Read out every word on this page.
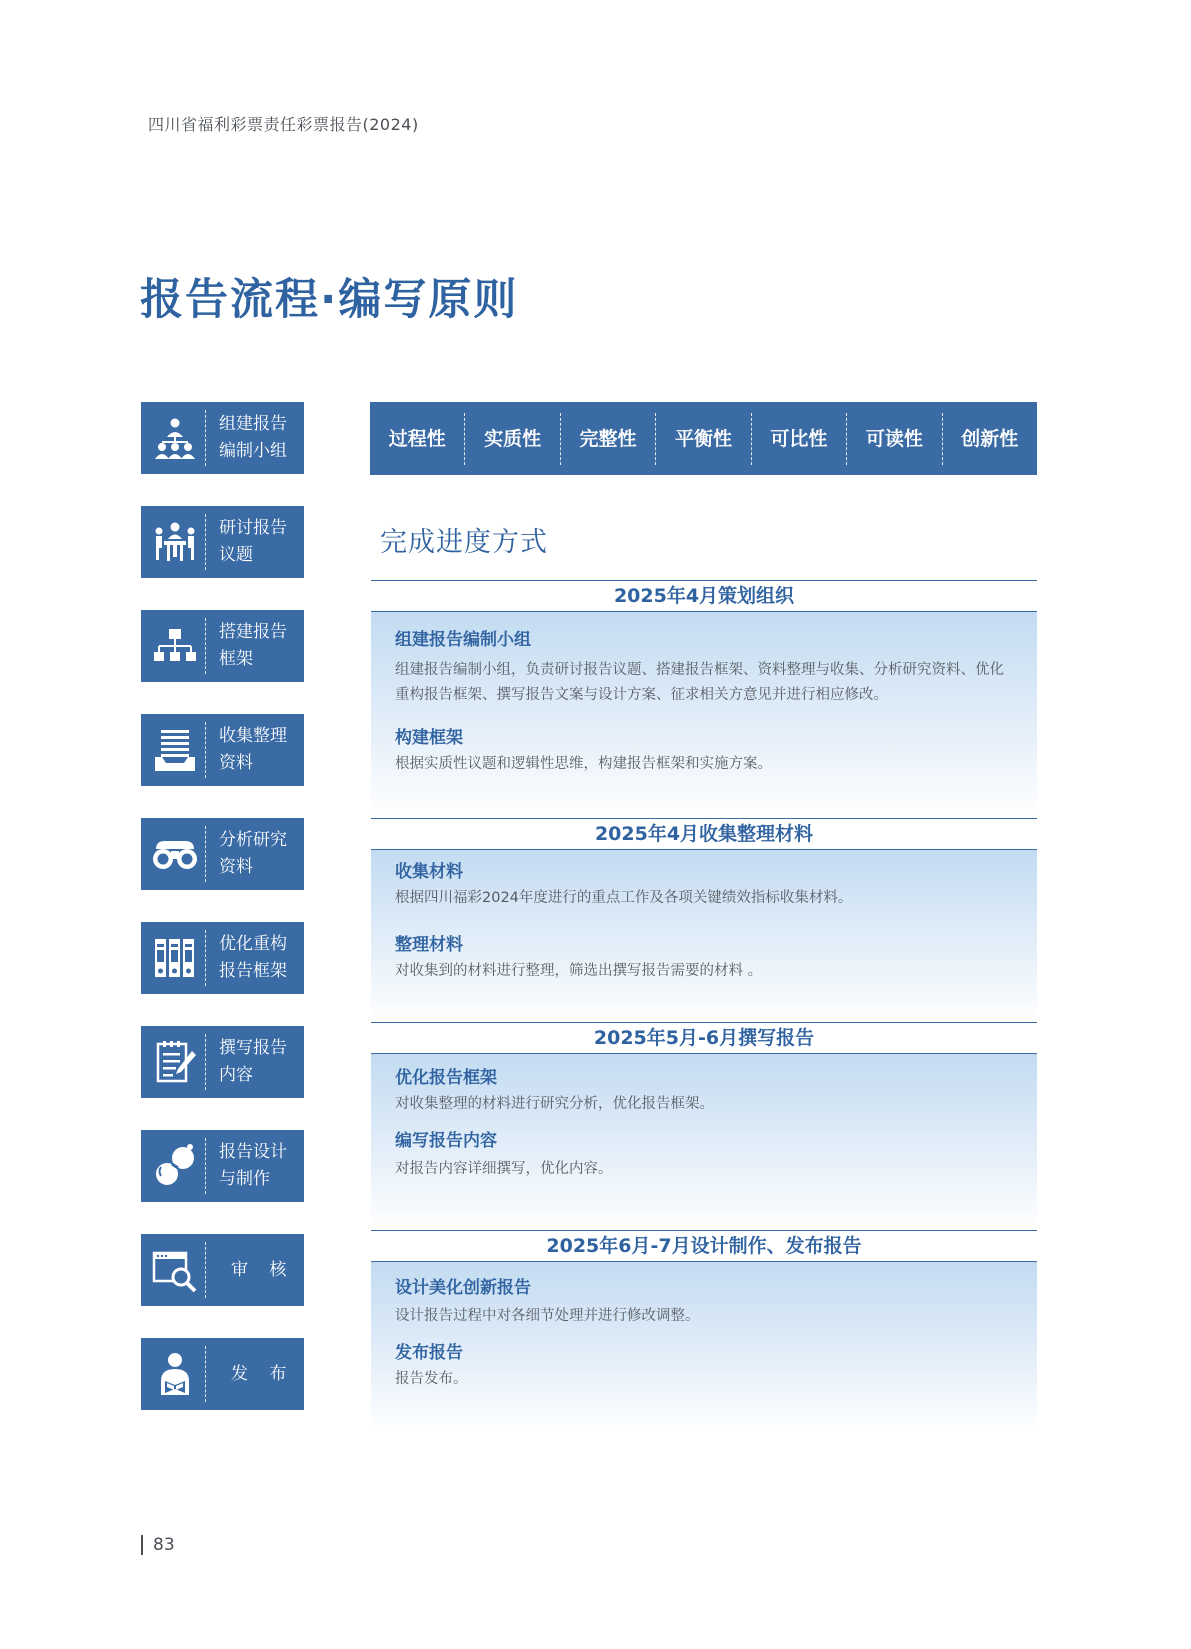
四川省福利彩票责任彩票报告(2024)
报告流程·编写原则
组建报告编制小组
研讨报告议题
搭建报告框架
收集整理资料
分析研究资料
优化重构报告框架
撰写报告内容
报告设计与制作
审 核
发 布
过程性	实质性	完整性	平衡性	可比性	可读性	创新性
完成进度方式
2025年4月策划组织
组建报告编制小组
组建报告编制小组，负责研讨报告议题、搭建报告框架、资料整理与收集、分析研究资料、优化重构报告框架、撰写报告文案与设计方案、征求相关方意见并进行相应修改。
构建框架
根据实质性议题和逻辑性思维，构建报告框架和实施方案。
2025年4月收集整理材料
收集材料
根据四川福彩2024年度进行的重点工作及各项关键绩效指标收集材料。
整理材料
对收集到的材料进行整理，筛选出撰写报告需要的材料 。
2025年5月-6月撰写报告
优化报告框架
对收集整理的材料进行研究分析，优化报告框架。
编写报告内容
对报告内容详细撰写，优化内容。
2025年6月-7月设计制作、发布报告
设计美化创新报告
设计报告过程中对各细节处理并进行修改调整。
发布报告
报告发布。
83
